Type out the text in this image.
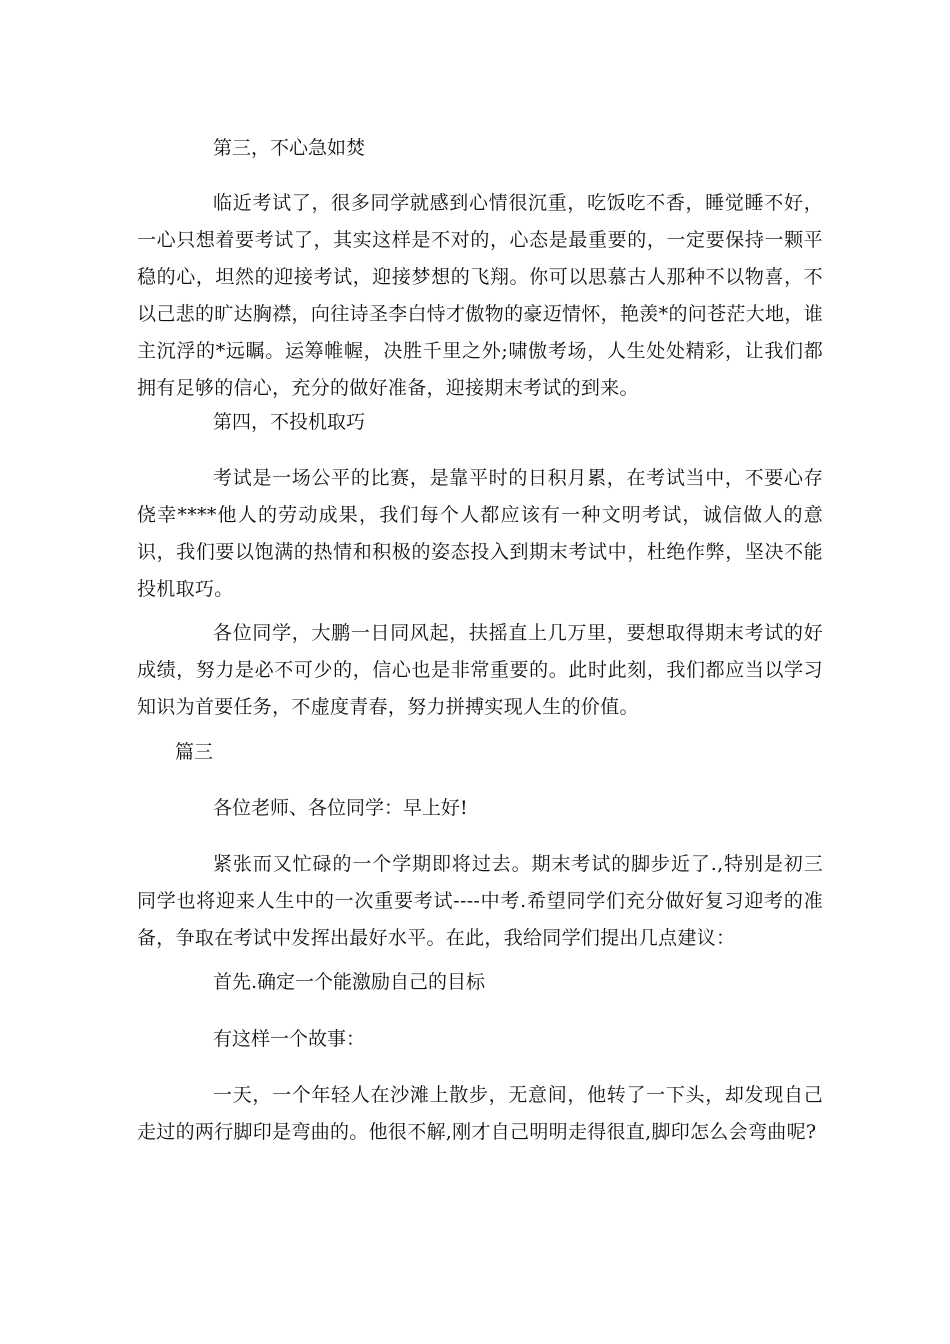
第三，不心急如焚

临近考试了，很多同学就感到心情很沉重，吃饭吃不香，睡觉睡不好，一心只想着要考试了，其实这样是不对的，心态是最重要的，一定要保持一颗平稳的心，坦然的迎接考试，迎接梦想的飞翔。你可以思慕古人那种不以物喜，不以己悲的旷达胸襟，向往诗圣李白恃才傲物的豪迈情怀，艳羡*的问苍茫大地，谁主沉浮的*远瞩。运筹帷幄，决胜千里之外;啸傲考场，人生处处精彩，让我们都拥有足够的信心，充分的做好准备，迎接期末考试的到来。

第四，不投机取巧

考试是一场公平的比赛，是靠平时的日积月累，在考试当中，不要心存侥幸****他人的劳动成果，我们每个人都应该有一种文明考试，诚信做人的意识，我们要以饱满的热情和积极的姿态投入到期末考试中，杜绝作弊，坚决不能投机取巧。

各位同学，大鹏一日同风起，扶摇直上几万里，要想取得期末考试的好成绩，努力是必不可少的，信心也是非常重要的。此时此刻，我们都应当以学习知识为首要任务，不虚度青春，努力拼搏实现人生的价值。

篇三

各位老师、各位同学：早上好!

紧张而又忙碌的一个学期即将过去。期末考试的脚步近了.,特别是初三同学也将迎来人生中的一次重要考试----中考.希望同学们充分做好复习迎考的准备，争取在考试中发挥出最好水平。在此，我给同学们提出几点建议：

首先.确定一个能激励自己的目标

有这样一个故事：

一天，一个年轻人在沙滩上散步，无意间，他转了一下头，却发现自己走过的两行脚印是弯曲的。他很不解,刚才自己明明走得很直,脚印怎么会弯曲呢?
